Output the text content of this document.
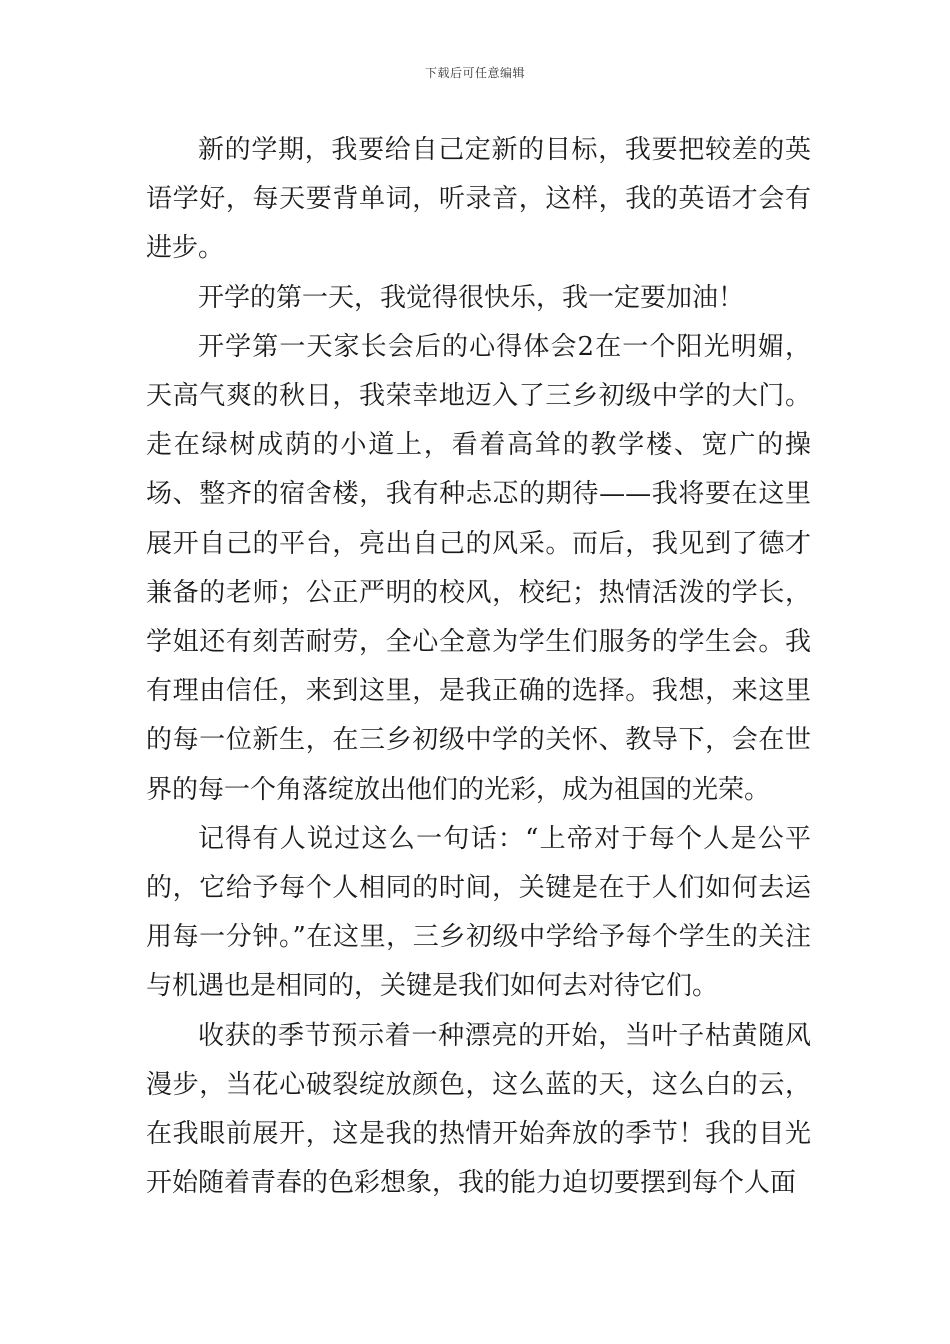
下载后可任意编辑

新的学期，我要给自己定新的目标，我要把较差的英语学好，每天要背单词，听录音，这样，我的英语才会有进步。

开学的第一天，我觉得很快乐，我一定要加油！

开学第一天家长会后的心得体会2在一个阳光明媚，天高气爽的秋日，我荣幸地迈入了三乡初级中学的大门。走在绿树成荫的小道上，看着高耸的教学楼、宽广的操场、整齐的宿舍楼，我有种忐忑的期待——我将要在这里展开自己的平台，亮出自己的风采。而后，我见到了德才兼备的老师；公正严明的校风，校纪；热情活泼的学长，学姐还有刻苦耐劳，全心全意为学生们服务的学生会。我有理由信任，来到这里，是我正确的选择。我想，来这里的每一位新生，在三乡初级中学的关怀、教导下，会在世界的每一个角落绽放出他们的光彩，成为祖国的光荣。

记得有人说过这么一句话：“上帝对于每个人是公平的，它给予每个人相同的时间，关键是在于人们如何去运用每一分钟。”在这里，三乡初级中学给予每个学生的关注与机遇也是相同的，关键是我们如何去对待它们。

收获的季节预示着一种漂亮的开始，当叶子枯黄随风漫步，当花心破裂绽放颜色，这么蓝的天，这么白的云，在我眼前展开，这是我的热情开始奔放的季节！我的目光开始随着青春的色彩想象，我的能力迫切要摆到每个人面
